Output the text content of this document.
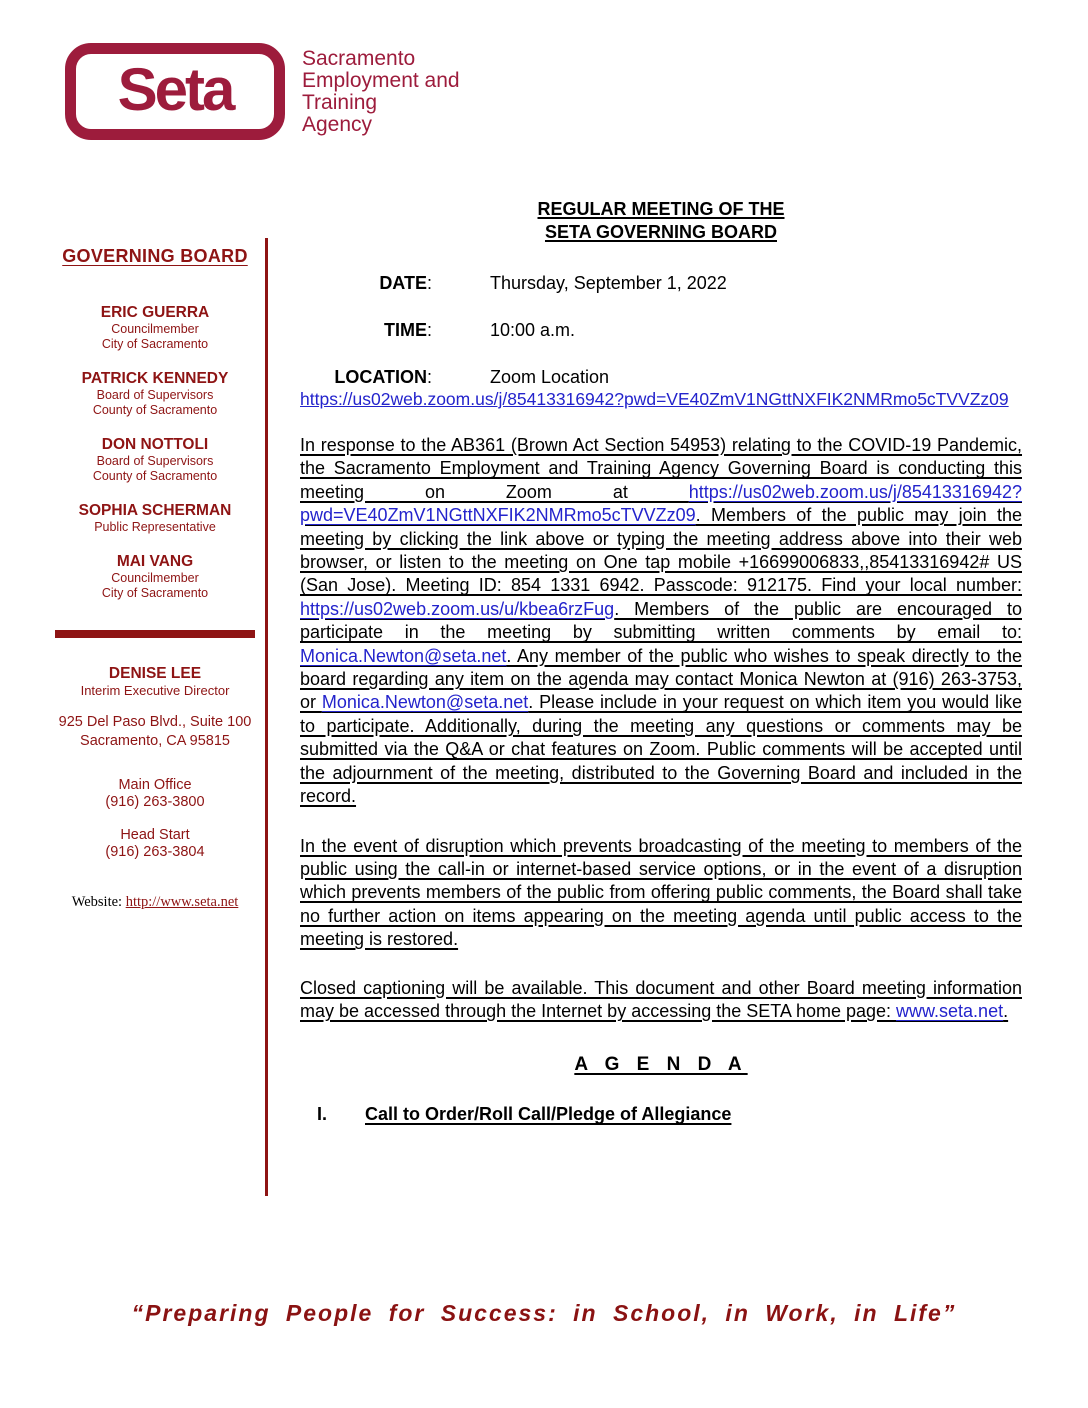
Seta	Sacramento
Employment and
Training
Agency
GOVERNING BOARD
ERIC GUERRA
Councilmember
City of Sacramento
PATRICK KENNEDY
Board of Supervisors
County of Sacramento
DON NOTTOLI
Board of Supervisors
County of Sacramento
SOPHIA SCHERMAN
Public Representative
MAI VANG
Councilmember
City of Sacramento
DENISE LEE
Interim Executive Director
925 Del Paso Blvd., Suite 100
Sacramento, CA 95815
Main Office
(916) 263-3800
Head Start
(916) 263-3804
Website: http://www.seta.net
REGULAR MEETING OF THE
SETA GOVERNING BOARD
DATE:	Thursday, September 1, 2022
TIME:	10:00 a.m.
LOCATION:	Zoom Location
https://us02web.zoom.us/j/85413316942?pwd=VE40ZmV1NGttNXFIK2NMRmo5cTVVZz09

In response to the AB361 (Brown Act Section 54953) relating to the COVID-19 Pandemic, the Sacramento Employment and Training Agency Governing Board is conducting this meeting on Zoom at https://us02web.zoom.us/j/85413316942?pwd=VE40ZmV1NGttNXFIK2NMRmo5cTVVZz09. Members of the public may join the meeting by clicking the link above or typing the meeting address above into their web browser, or listen to the meeting on One tap mobile +16699006833,,85413316942# US (San Jose). Meeting ID: 854 1331 6942. Passcode: 912175. Find your local number: https://us02web.zoom.us/u/kbea6rzFug. Members of the public are encouraged to participate in the meeting by submitting written comments by email to: Monica.Newton@seta.net. Any member of the public who wishes to speak directly to the board regarding any item on the agenda may contact Monica Newton at (916) 263-3753, or Monica.Newton@seta.net. Please include in your request on which item you would like to participate. Additionally, during the meeting any questions or comments may be submitted via the Q&A or chat features on Zoom. Public comments will be accepted until the adjournment of the meeting, distributed to the Governing Board and included in the record.

In the event of disruption which prevents broadcasting of the meeting to members of the public using the call-in or internet-based service options, or in the event of a disruption which prevents members of the public from offering public comments, the Board shall take no further action on items appearing on the meeting agenda until public access to the meeting is restored.

Closed captioning will be available. This document and other Board meeting information may be accessed through the Internet by accessing the SETA home page: www.seta.net.

A G E N D A
I.	Call to Order/Roll Call/Pledge of Allegiance
“Preparing People for Success: in School, in Work, in Life”
